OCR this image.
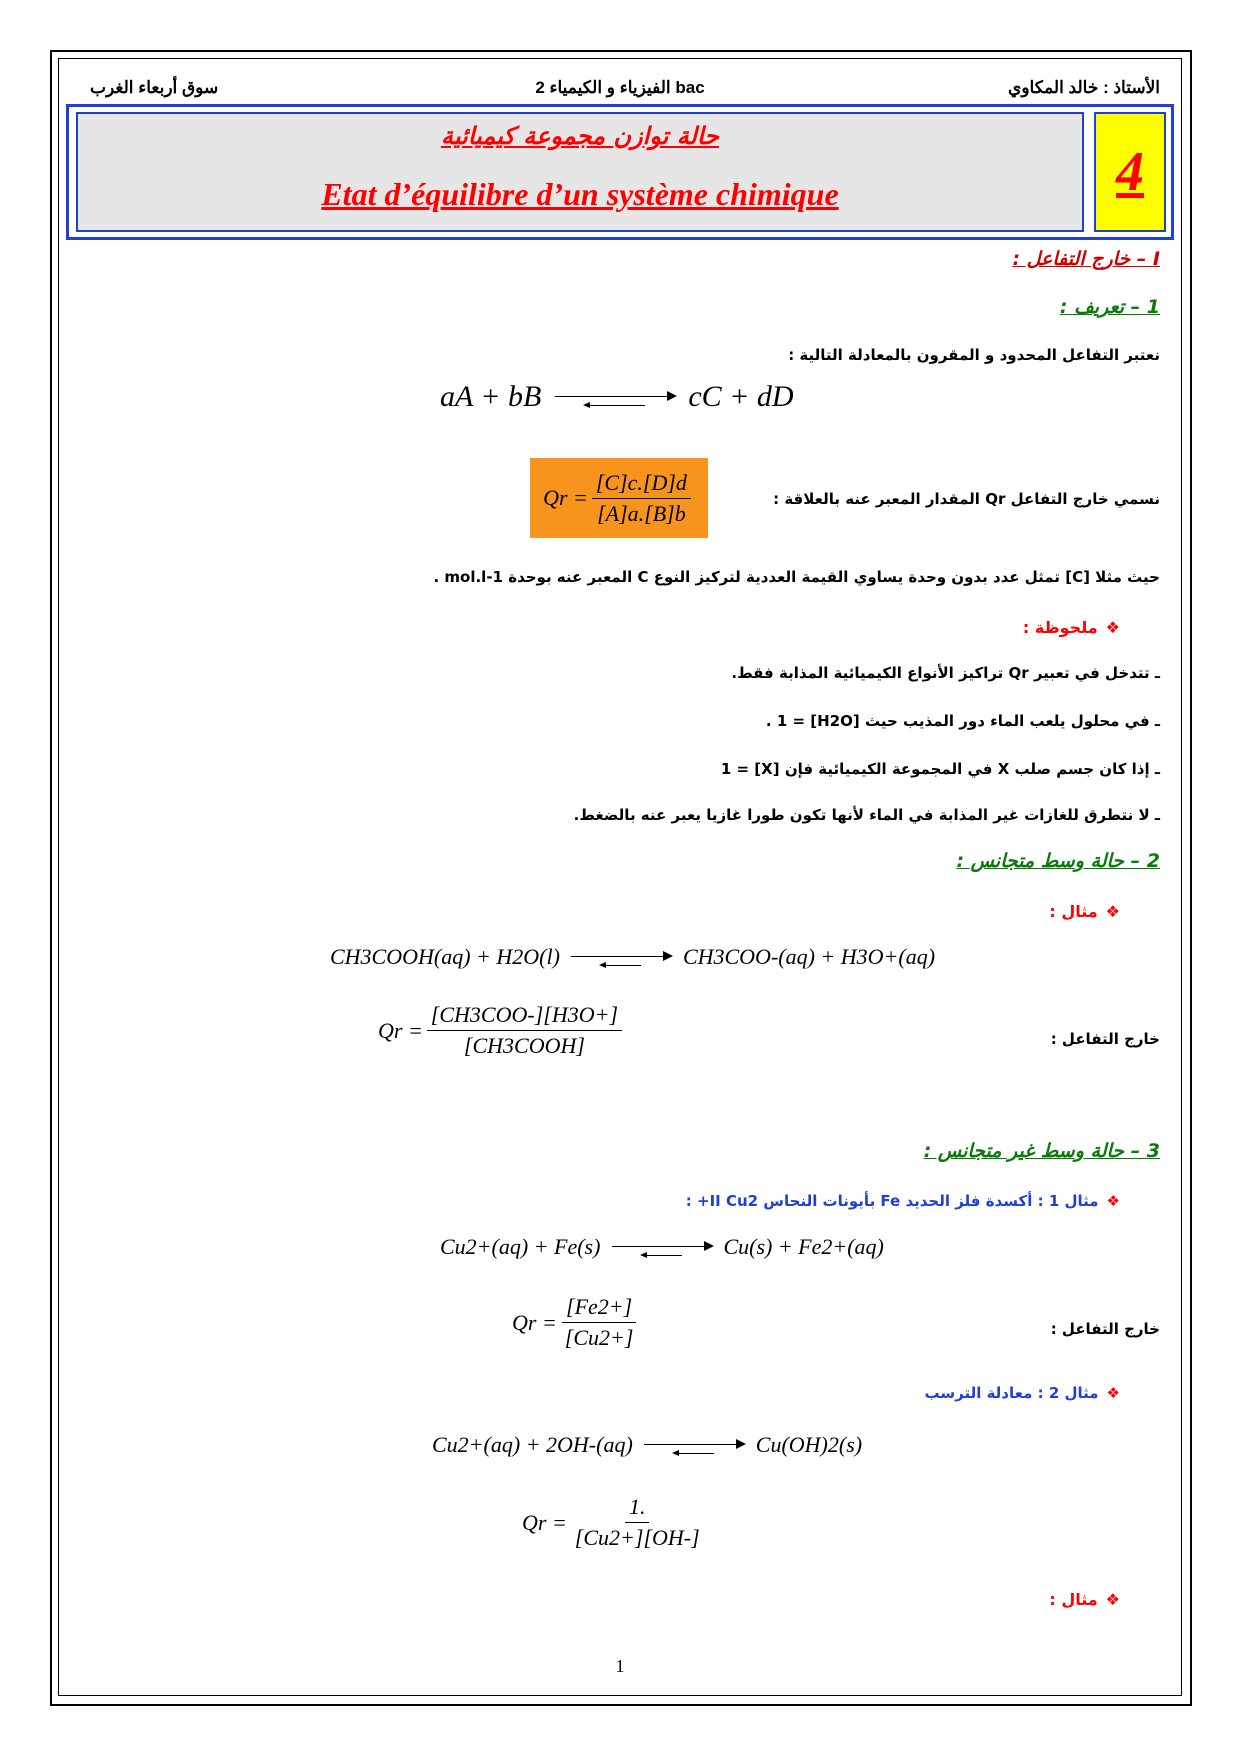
الأستاذ : خالد المكاوي
الفيزياء و الكيمياء 2 bac
سوق أربعاء الغرب
حالة توازن مجموعة كيميائية
Etat d’équilibre d’un système chimique	4
I – خارج التفاعل :
1 – تعريف :
نعتبر التفاعل المحدود و المقرون بالمعادلة التالية :
aA + bB ⇌ cC + dD
نسمي خارج التفاعل Qr المقدار المعبر عنه بالعلاقة :
$Qr = \frac{[C]c.[D]d}{[A]a.[B]b}$
حيث مثلا [C] تمثل عدد بدون وحدة يساوي القيمة العددية لتركيز النوع C المعبر عنه بوحدة mol.l-1 .
❖ملحوظة :
ـ تتدخل في تعبير Qr تراكيز الأنواع الكيميائية المذابة فقط.
ـ في محلول يلعب الماء دور المذيب حيث [H2O] = 1 .
ـ إذا كان جسم صلب X في المجموعة الكيميائية فإن [X] = 1
ـ لا نتطرق للغازات غير المذابة في الماء لأنها تكون طورا غازيا يعبر عنه بالضغط.
2 – حالة وسط متجانس :
❖مثال :
CH3COOH(aq) + H2O(l)	CH3COO-(aq) + H3O+(aq)
خارج التفاعل :
$Qr = \frac{\text{[CH3COO-][H3O+]}}{\text{[CH3COOH]}}$
3 – حالة وسط غير متجانس :
❖مثال 1 : أكسدة فلز الحديد Fe بأيونات النحاس II Cu2+ :
Cu2+(aq) + Fe(s)	Cu(s) + Fe2+(aq)
خارج التفاعل :
$Qr = \frac{[Fe2+]}{[Cu2+]}$
❖مثال 2 : معادلة الترسب
Cu2+(aq) + 2OH-(aq)	Cu(OH)2(s)
$Qr = \frac{1.}{[Cu2+][OH-]}$
❖مثال :
1
